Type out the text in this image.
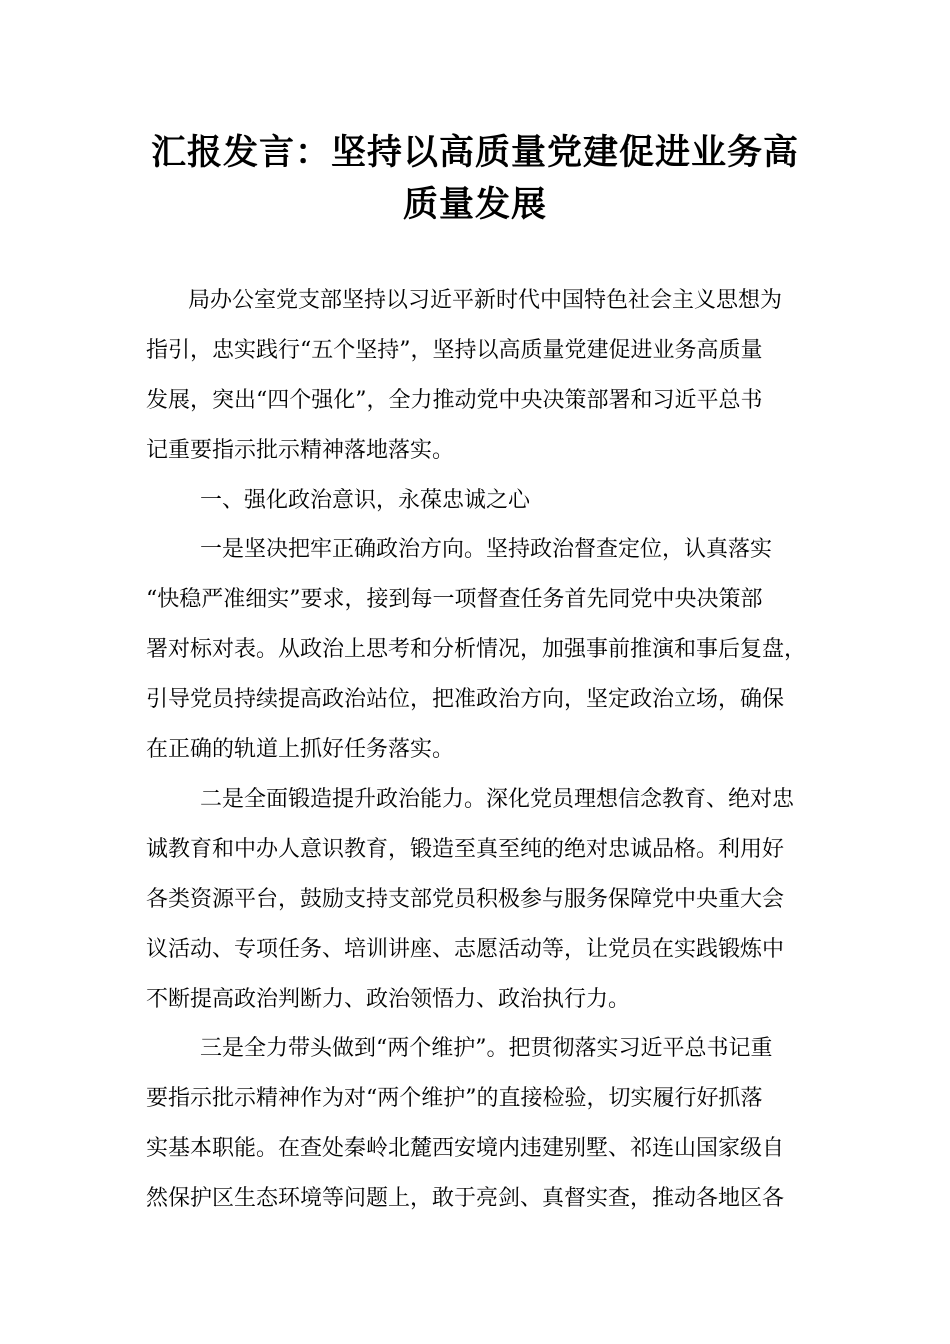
汇报发言：坚持以高质量党建促进业务高
质量发展
局办公室党支部坚持以习近平新时代中国特色社会主义思想为
指引，忠实践行“五个坚持”，坚持以高质量党建促进业务高质量
发展，突出“四个强化”，全力推动党中央决策部署和习近平总书
记重要指示批示精神落地落实。
一、强化政治意识，永葆忠诚之心
一是坚决把牢正确政治方向。坚持政治督查定位，认真落实
“快稳严准细实”要求，接到每一项督查任务首先同党中央决策部
署对标对表。从政治上思考和分析情况，加强事前推演和事后复盘，
引导党员持续提高政治站位，把准政治方向，坚定政治立场，确保
在正确的轨道上抓好任务落实。
二是全面锻造提升政治能力。深化党员理想信念教育、绝对忠
诚教育和中办人意识教育，锻造至真至纯的绝对忠诚品格。利用好
各类资源平台，鼓励支持支部党员积极参与服务保障党中央重大会
议活动、专项任务、培训讲座、志愿活动等，让党员在实践锻炼中
不断提高政治判断力、政治领悟力、政治执行力。
三是全力带头做到“两个维护”。把贯彻落实习近平总书记重
要指示批示精神作为对“两个维护”的直接检验，切实履行好抓落
实基本职能。在查处秦岭北麓西安境内违建别墅、祁连山国家级自
然保护区生态环境等问题上，敢于亮剑、真督实查，推动各地区各
